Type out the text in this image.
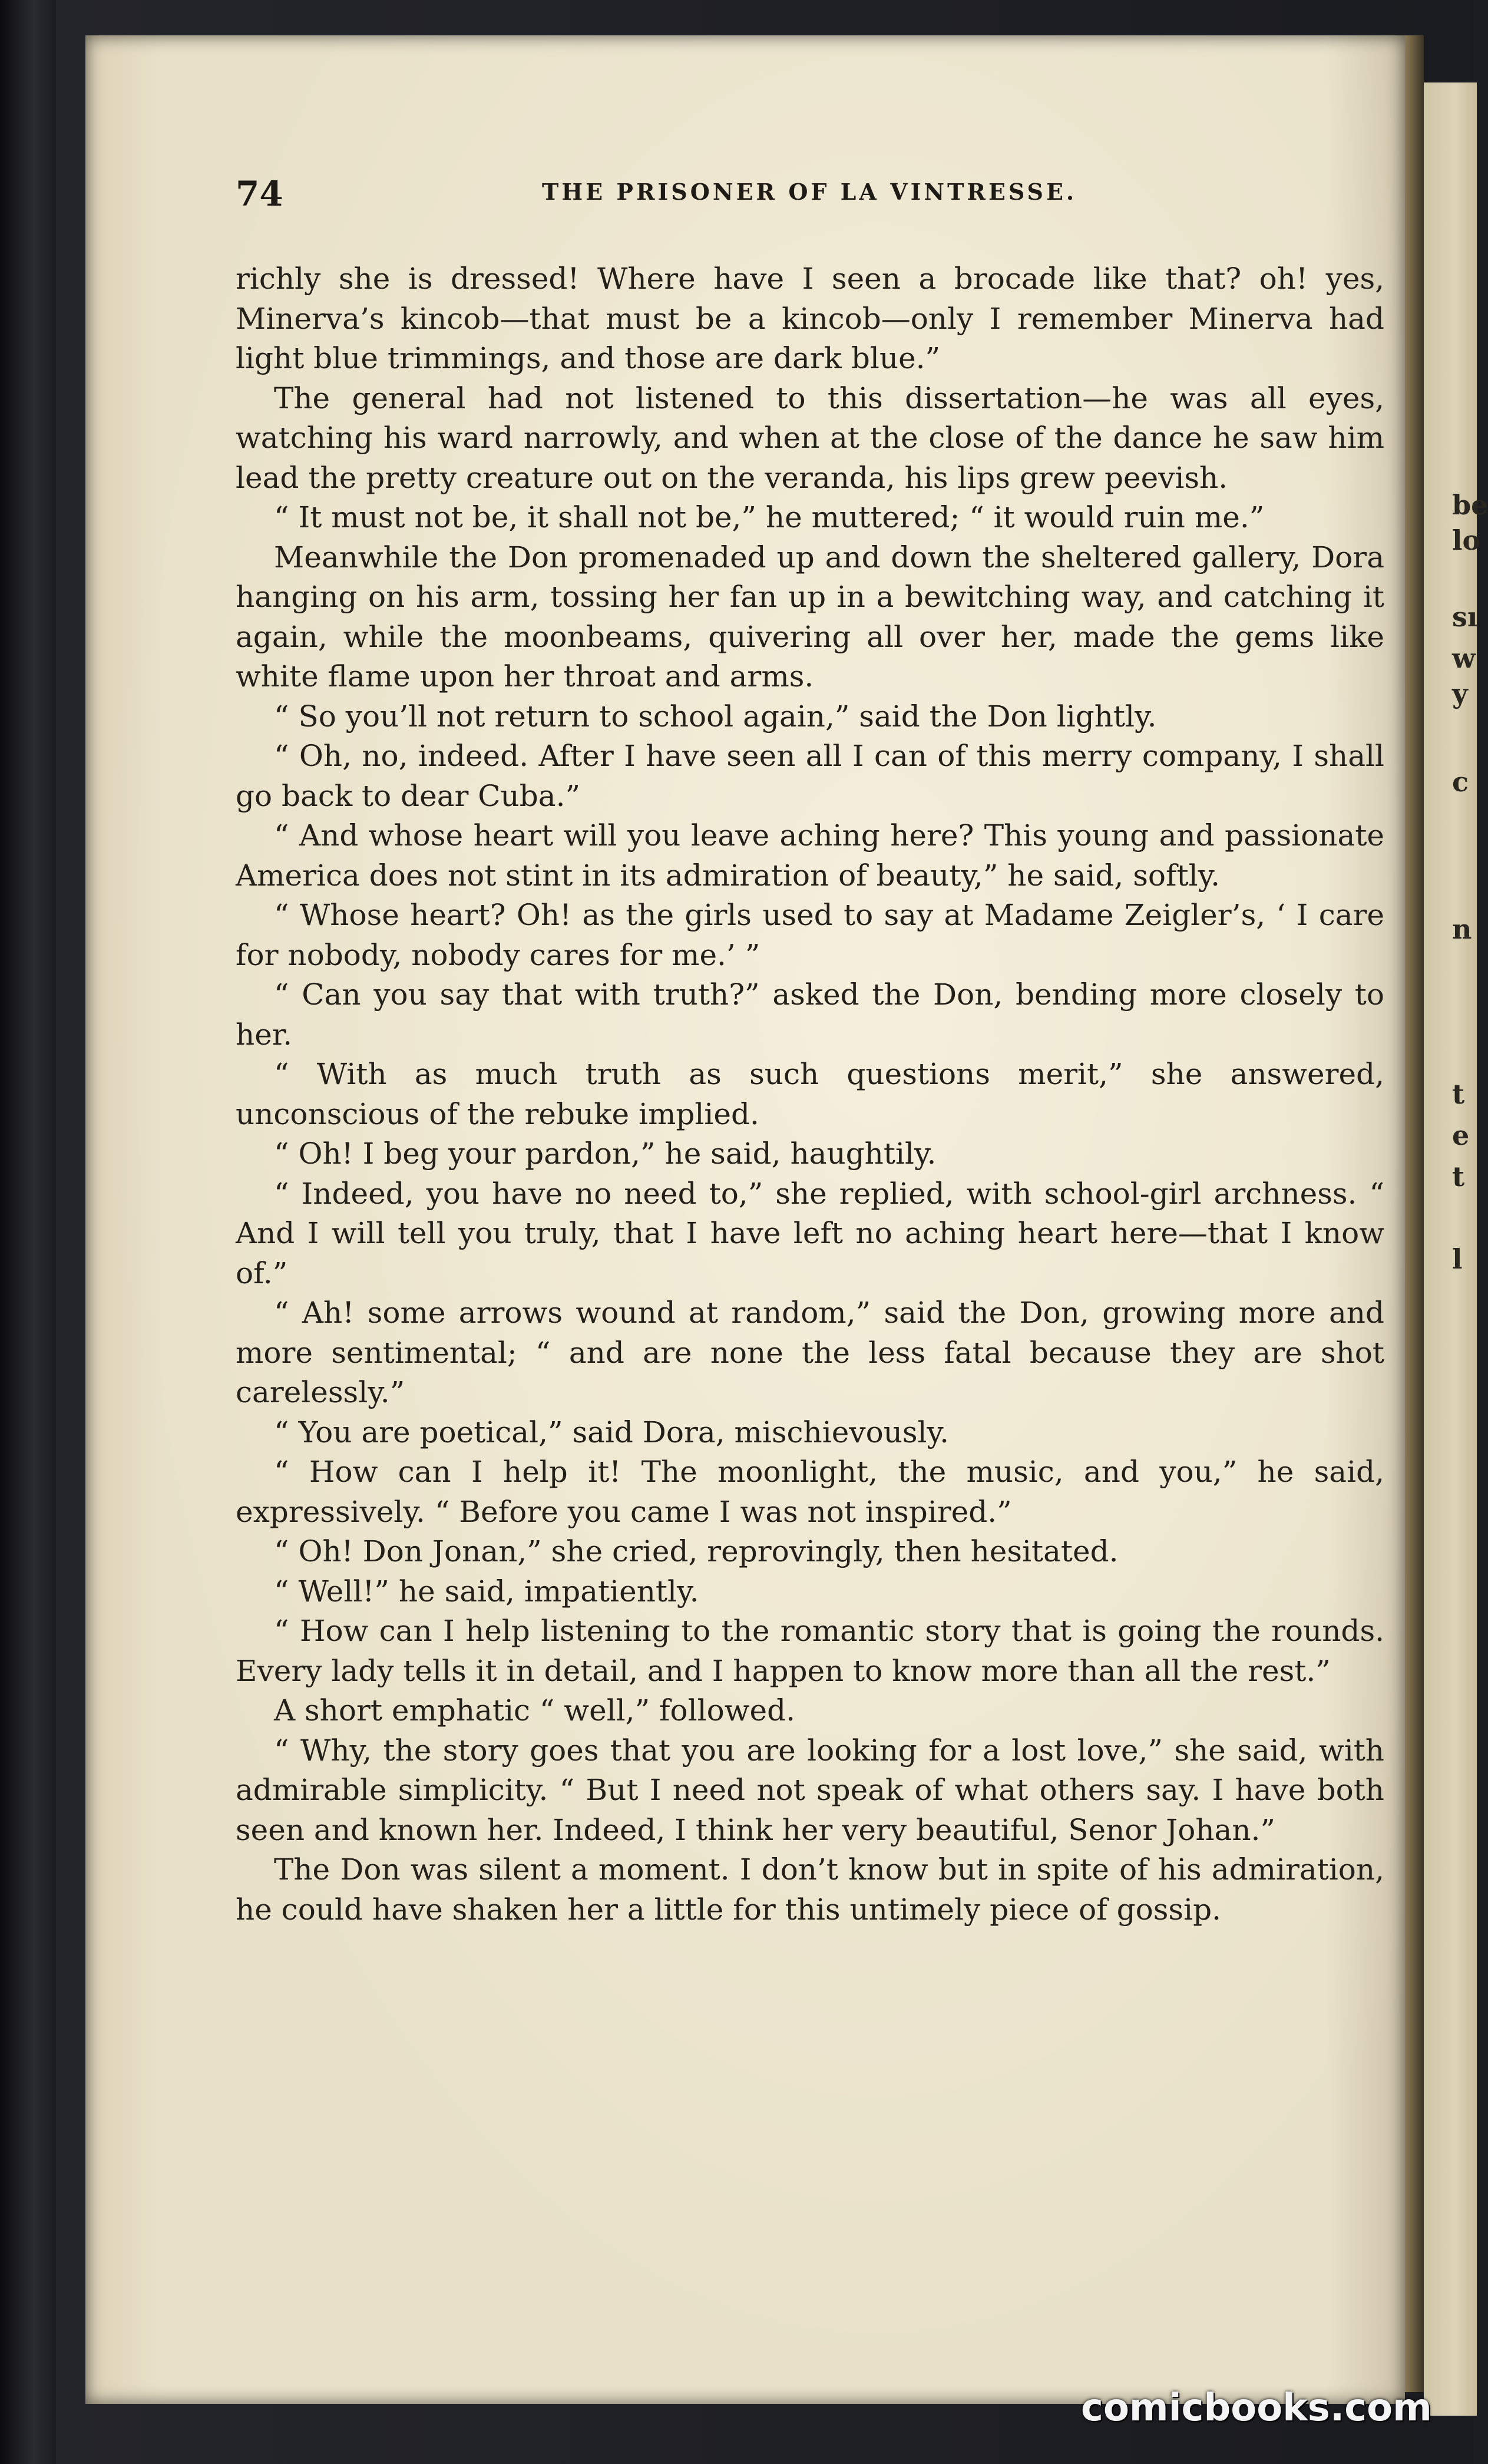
be
lo
sı
w
y
c
n
t
e
t
l
74	THE PRISONER OF LA VINTRESSE.

richly she is dressed! Where have I seen a brocade like that? oh! yes, Minerva’s kincob—that must be a kincob—only I remember Minerva had light blue trimmings, and those are dark blue.”

The general had not listened to this dissertation—he was all eyes, watching his ward narrowly, and when at the close of the dance he saw him lead the pretty creature out on the veranda, his lips grew peevish.

“ It must not be, it shall not be,” he muttered; “ it would ruin me.”

Meanwhile the Don promenaded up and down the sheltered gallery, Dora hanging on his arm, tossing her fan up in a bewitching way, and catching it again, while the moonbeams, quivering all over her, made the gems like white flame upon her throat and arms.

“ So you’ll not return to school again,” said the Don lightly.

“ Oh, no, indeed. After I have seen all I can of this merry company, I shall go back to dear Cuba.”

“ And whose heart will you leave aching here? This young and passionate America does not stint in its admiration of beauty,” he said, softly.

“ Whose heart? Oh! as the girls used to say at Madame Zeigler’s, ‘ I care for nobody, nobody cares for me.’ ”

“ Can you say that with truth?” asked the Don, bending more closely to her.

“ With as much truth as such questions merit,” she answered, unconscious of the rebuke implied.

“ Oh! I beg your pardon,” he said, haughtily.

“ Indeed, you have no need to,” she replied, with school-girl archness. “ And I will tell you truly, that I have left no aching heart here—that I know of.”

“ Ah! some arrows wound at random,” said the Don, growing more and more sentimental; “ and are none the less fatal because they are shot carelessly.”

“ You are poetical,” said Dora, mischievously.

“ How can I help it! The moonlight, the music, and you,” he said, expressively. “ Before you came I was not inspired.”

“ Oh! Don Jonan,” she cried, reprovingly, then hesitated.

“ Well!” he said, impatiently.

“ How can I help listening to the romantic story that is going the rounds. Every lady tells it in detail, and I happen to know more than all the rest.”

A short emphatic “ well,” followed.

“ Why, the story goes that you are looking for a lost love,” she said, with admirable simplicity. “ But I need not speak of what others say. I have both seen and known her. Indeed, I think her very beautiful, Senor Johan.”

The Don was silent a moment. I don’t know but in spite of his admiration, he could have shaken her a little for this untimely piece of gossip.

comicbooks.com
